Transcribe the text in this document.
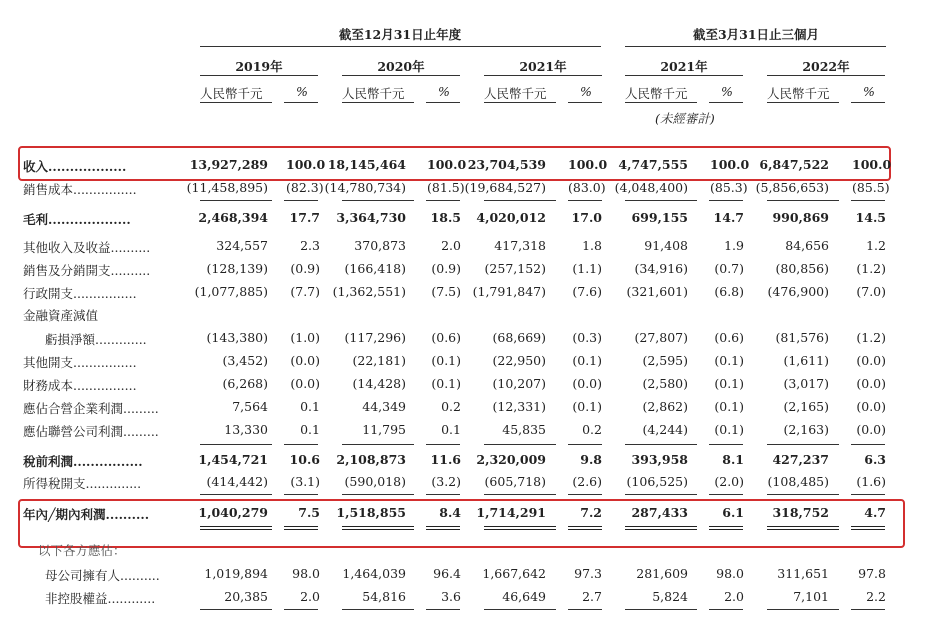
截至12月31日止年度	截至3月31日止三個月
2019年	2020年	2021年	2021年	2022年
人民幣千元	%	人民幣千元	%	人民幣千元	%	人民幣千元	%	人民幣千元	%
(未經審計)
收入..................	13,927,289 100.0 18,145,464 100.0 23,704,539 100.0 4,747,555 100.0 6,847,522 100.0
銷售成本................	(11,458,895) (82.3) (14,780,734) (81.5) (19,684,527) (83.0) (4,048,400) (85.3) (5,856,653) (85.5)
毛利...................	2,468,394 17.7	3,364,730 18.5	4,020,012 17.0	699,155 14.7	990,869 14.5
其他收入及收益..........	324,557	2.3	370,873	2.0	417,318	1.8	91,408	1.9	84,656	1.2
銷售及分銷開支..........	(128,139)	(0.9)	(166,418)	(0.9)	(257,152)	(1.1)	(34,916)	(0.7)	(80,856)	(1.2)
行政開支................	(1,077,885)	(7.7)	(1,362,551)	(7.5) (1,791,847)	(7.6)	(321,601)	(6.8)	(476,900)	(7.0)
金融資產減值
虧損淨額.............	(143,380)	(1.0)	(117,296)	(0.6)	(68,669)	(0.3)	(27,807)	(0.6)	(81,576)	(1.2)
其他開支................	(3,452)	(0.0)	(22,181)	(0.1)	(22,950)	(0.1)	(2,595)	(0.1)	(1,611)	(0.0)
財務成本................	(6,268)	(0.0)	(14,428)	(0.1)	(10,207)	(0.0)	(2,580)	(0.1)	(3,017)	(0.0)
應佔合營企業利潤.........	7,564	0.1	44,349	0.2	(12,331)	(0.1)	(2,862)	(0.1)	(2,165)	(0.0)
應佔聯營公司利潤.........	13,330	0.1	11,795	0.1	45,835	0.2	(4,244)	(0.1)	(2,163)	(0.0)
稅前利潤................	1,454,721 10.6	2,108,873 11.6	2,320,009	9.8	393,958	8.1	427,237	6.3
所得稅開支..............	(414,442)	(3.1)	(590,018)	(3.2)	(605,718)	(2.6)	(106,525)	(2.0)	(108,485)	(1.6)
年內╱期內利潤..........	1,040,279	7.5	1,518,855	8.4	1,714,291	7.2	287,433	6.1	318,752	4.7
以下各方應佔：
母公司擁有人..........	1,019,894	98.0	1,464,039	96.4	1,667,642	97.3	281,609	98.0	311,651	97.8
非控股權益............	20,385	2.0	54,816	3.6	46,649	2.7	5,824	2.0	7,101	2.2
